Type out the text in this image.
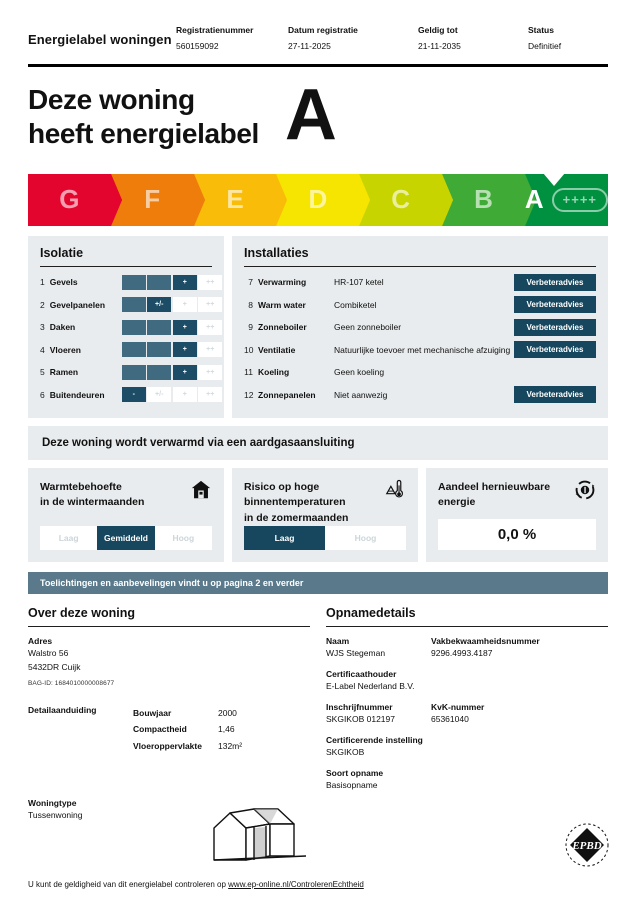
Energielabel woningen
Registratienummer
560159092
Datum registratie
27-11-2025
Geldig tot
21-11-2035
Status
Definitief
Deze woning
heeft energielabel A
G F	E D C B A	++++
Isolatie
1 Gevels	+	++
2 Gevelpanelen	+/-	+	++
3 Daken	+	++
4 Vloeren	+	++
5 Ramen	+	++
6 Buitendeuren	-	+/-	+	++
Installaties
7 Verwarming	HR-107 ketel	Verbeteradvies
8 Warm water	Combiketel	Verbeteradvies
9 Zonneboiler	Geen zonneboiler	Verbeteradvies
10 Ventilatie	Natuurlijke toevoer met mechanische afzuiging	Verbeteradvies
11 Koeling	Geen koeling
12 Zonnepanelen	Niet aanwezig	Verbeteradvies
Deze woning wordt verwarmd via een aardgasaansluiting
Warmtebehoefte
in de wintermaanden
Laag	Gemiddeld	Hoog
Risico op hoge
binnentemperaturen
in de zomermaanden
Laag	Hoog
Aandeel hernieuwbare
energie
0,0 %
Toelichtingen en aanbevelingen vindt u op pagina 2 en verder
Over deze woning
Adres
Walstro 56
5432DR Cuijk
BAG-ID: 1684010000008677
Detailaanduiding	Bouwjaar	2000
Compactheid	1,46
Vloeroppervlakte	132m²
Woningtype
Tussenwoning
Opnamedetails
Naam
WJS Stegeman
Vakbekwaamheidsnummer
9296.4993.4187
Certificaathouder
E-Label Nederland B.V.
Inschrijfnummer
SKGIKOB 012197
KvK-nummer
65361040
Certificerende instelling
SKGIKOB
Soort opname
Basisopname
EPBD
U kunt de geldigheid van dit energielabel controleren op www.ep-online.nl/ControlerenEchtheid
